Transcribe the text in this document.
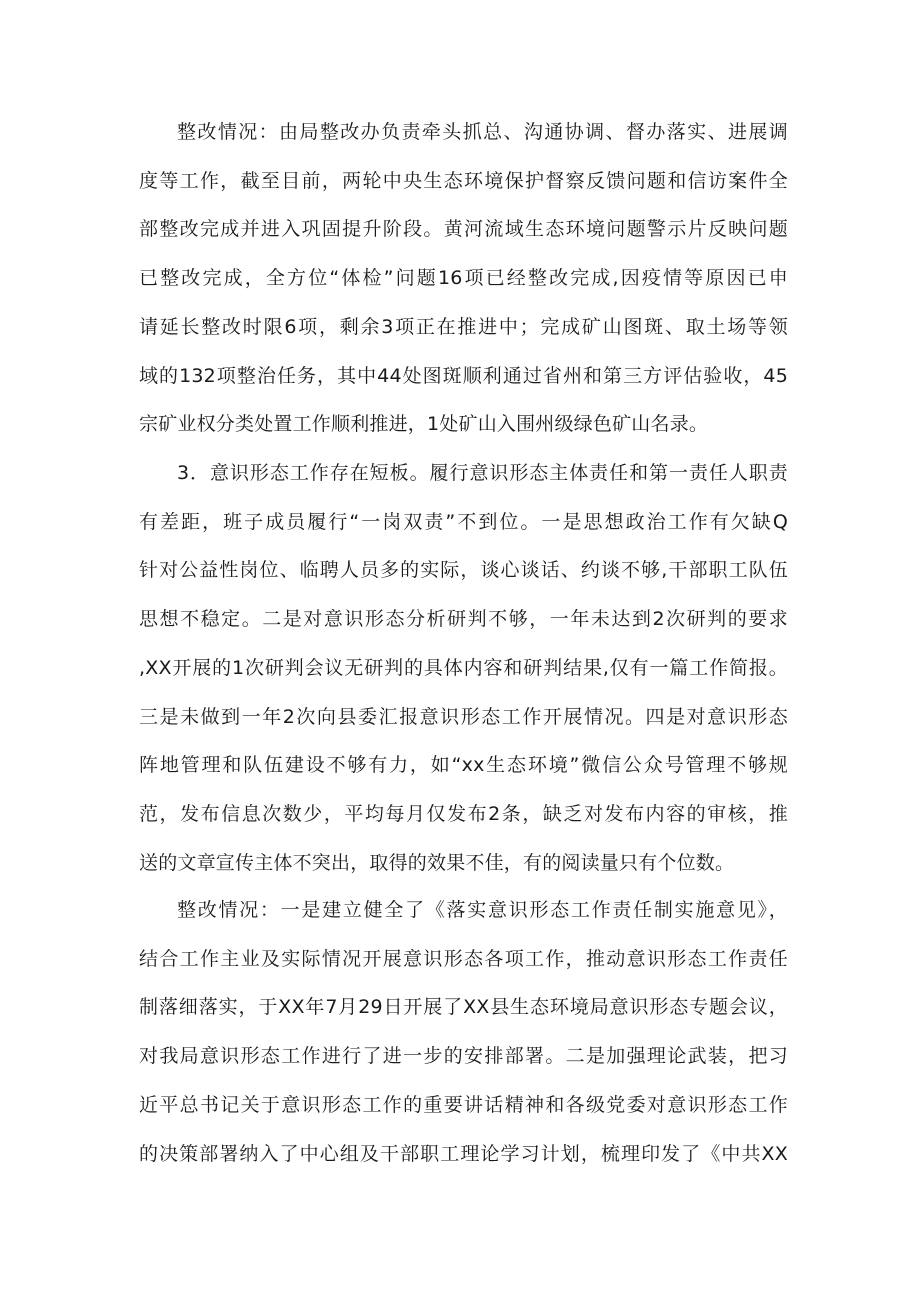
整改情况：由局整改办负责牵头抓总、沟通协调、督办落实、进展调
度等工作，截至目前，两轮中央生态环境保护督察反馈问题和信访案件全
部整改完成并进入巩固提升阶段。黄河流域生态环境问题警示片反映问题
已整改完成，全方位“体检”问题16项已经整改完成,因疫情等原因已申
请延长整改时限6项，剩余3项正在推进中；完成矿山图斑、取土场等领
域的132项整治任务，其中44处图斑顺利通过省州和第三方评估验收，45
宗矿业权分类处置工作顺利推进，1处矿山入围州级绿色矿山名录。

3．意识形态工作存在短板。履行意识形态主体责任和第一责任人职责
有差距，班子成员履行“一岗双责”不到位。一是思想政治工作有欠缺Q
针对公益性岗位、临聘人员多的实际，谈心谈话、约谈不够,干部职工队伍
思想不稳定。二是对意识形态分析研判不够，一年未达到2次研判的要求
,XX开展的1次研判会议无研判的具体内容和研判结果,仅有一篇工作简报。
三是未做到一年2次向县委汇报意识形态工作开展情况。四是对意识形态
阵地管理和队伍建设不够有力，如“xx生态环境”微信公众号管理不够规
范，发布信息次数少，平均每月仅发布2条，缺乏对发布内容的审核，推
送的文章宣传主体不突出，取得的效果不佳，有的阅读量只有个位数。

整改情况：一是建立健全了《落实意识形态工作责任制实施意见》，
结合工作主业及实际情况开展意识形态各项工作，推动意识形态工作责任
制落细落实，于XX年7月29日开展了XX县生态环境局意识形态专题会议，
对我局意识形态工作进行了进一步的安排部署。二是加强理论武装，把习
近平总书记关于意识形态工作的重要讲话精神和各级党委对意识形态工作
的决策部署纳入了中心组及干部职工理论学习计划，梳理印发了《中共XX
